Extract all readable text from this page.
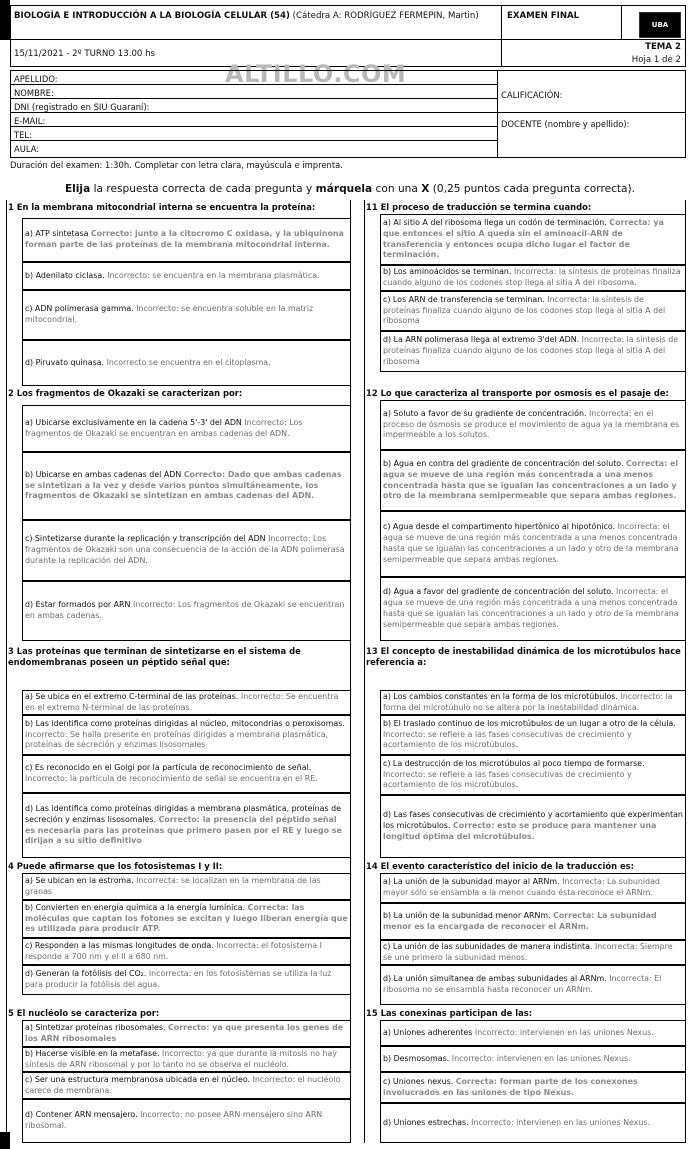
BIOLOGÍA E INTRODUCCIÓN A LA BIOLOGÍA CELULAR (54) (Cátedra A: RODRÍGUEZ FERMEPIN, Martin)	EXAMEN FINAL
15/11/2021 - 2º TURNO 13.00 hs
TEMA 2
Hoja 1 de 2
UBA
ALTILLO.COM
APELLIDO:
NOMBRE:
DNI (registrado en SIU Guaraní):
E-MAIL:
TEL:
AULA:
CALIFICACIÓN:
DOCENTE (nombre y apellido):
Duración del examen: 1:30h. Completar con letra clara, mayúscula e imprenta.
Elija la respuesta correcta de cada pregunta y márquela con una X (0,25 puntos cada pregunta correcta).
1 En la membrana mitocondrial interna se encuentra la proteína:
a) ATP sintetasa Correcto: junto a la citocromo C oxidasa, y la ubiquinona forman parte de las proteínas de la membrana mitocondrial interna.
b) Adenilato ciclasa. Incorrecto: se encuentra en la membrana plasmática.
c) ADN polimerasa gamma. Incorrecto: se encuentra soluble en la matriz mitocondrial.
d) Piruvato quinasa. Incorrecto se encuentra en el citoplasma.
2 Los fragmentos de Okazaki se caracterizan por:
a) Ubicarse exclusivamente en la cadena 5'-3' del ADN Incorrecto: Los fragmentos de Okazaki se encuentran en ambas cadenas del ADN.
b) Ubicarse en ambas cadenas del ADN Correcto: Dado que ambas cadenas se sintetizan a la vez y desde varios puntos simultáneamente, los fragmentos de Okazaki se sintetizan en ambas cadenas del ADN.
c) Sintetizarse durante la replicación y transcripción del ADN Incorrecto: Los fragmentos de Okazaki son una consecuencia de la acción de la ADN polimerasa durante la replicación del ADN.
d) Estar formados por ARN Incorrecto: Los fragmentos de Okazaki se encuentran en ambas cadenas.
3 Las proteínas que terminan de sintetizarse en el sistema de endomembranas poseen un péptido señal que:
a) Se ubica en el extremo C-terminal de las proteínas. Incorrecto: Se encuentra en el extremo N-terminal de las proteínas.
b) Las identifica como proteínas dirigidas al núcleo, mitocondrias o peroxisomas. Incorrecto: Se halla presente en proteínas dirigidas a membrana plasmática, proteínas de secreción y enzimas lisosomales
c) Es reconocido en el Golgi por la partícula de reconocimiento de señal. Incorrecto: la partícula de reconocimiento de señal se encuentra en el RE.
d) Las identifica como proteínas dirigidas a membrana plasmática, proteínas de secreción y enzimas lisosomales. Correcto: la presencia del péptido señal es necesaria para las proteínas que primero pasen por el RE y luego se dirijan a su sitio definitivo
4 Puede afirmarse que los fotosistemas I y II:
a) Se ubican en la estroma. Incorrecta: se localizan en la membrana de las granas
b) Convierten en energía química a la energía lumínica. Correcta: las moléculas que captan los fotones se excitan y luego liberan energía que es utilizada para producir ATP.
c) Responden a las mismas longitudes de onda. Incorrecta: el fotosistema I responde a 700 nm y el II a 680 nm.
d) Generan la fotólisis del CO₂. Incorrecta: en los fotosistemas se utiliza la luz para producir la fotólisis del agua.
5 El nucléolo se caracteriza por:
a) Sintetizar proteínas ribosomales. Correcto: ya que presenta los genes de los ARN ribosomales
b) Hacerse visible en la metafase. Incorrecto: ya que durante la mitosis no hay síntesis de ARN ribosomal y por lo tanto no se observa el nucléolo.
c) Ser una estructura membranosa ubicada en el núcleo. Incorrecto: el nucléolo carece de membrana.
d) Contener ARN mensajero. Incorrecto: no posee ARN mensajero sino ARN ribosomal.
11 El proceso de traducción se termina cuando:
a) Al sitio A del ribosoma llega un codón de terminación. Correcta: ya que entonces el sitio A queda sin el aminoacil-ARN de transferencia y entonces ocupa dicho lugar el factor de terminación.
b) Los aminoácidos se terminan. Incorrecta: la síntesis de proteínas finaliza cuando alguno de los codones stop llega al sitia A del ribosoma.
c) Los ARN de transferencia se terminan. Incorrecta: la síntesis de proteínas finaliza cuando alguno de los codones stop llega al sitia A del ribosoma
d) La ARN polimerasa llega al extremo 3'del ADN. Incorrecta: la síntesis de proteínas finaliza cuando alguno de los codones stop llega al sitia A del ribosoma
12 Lo que caracteriza al transporte por osmosis es el pasaje de:
a) Soluto a favor de su gradiente de concentración. Incorrecta: en el proceso de ósmosis se produce el movimiento de agua ya la membrana es impermeable a los solutos.
b) Agua en contra del gradiente de concentración del soluto. Correcta: el agua se mueve de una región más concentrada a una menos concentrada hasta que se igualan las concentraciones a un lado y otro de la membrana semipermeable que separa ambas regiones.
c) Agua desde el compartimento hipertónico al hipotónico. Incorrecta: el agua se mueve de una región más concentrada a una menos concentrada hasta que se igualan las concentraciones a un lado y otro de la membrana semipermeable que separa ambas regiones.
d) Agua a favor del gradiente de concentración del soluto. Incorrecta: el agua se mueve de una región más concentrada a una menos concentrada hasta que se igualan las concentraciones a un lado y otro de la membrana semipermeable que separa ambas regiones.
13 El concepto de inestabilidad dinámica de los microtúbulos hace referencia a:
a) Los cambios constantes en la forma de los microtúbulos. Incorrecto: la forma del microtúbulo no se altera por la inestabilidad dinámica.
b) El traslado continuo de los microtúbulos de un lugar a otro de la célula. Incorrecto: se refiere a las fases consecutivas de crecimiento y acortamiento de los microtúbulos.
c) La destrucción de los microtúbulos al poco tiempo de formarse. Incorrecto: se refiere a las fases consecutivas de crecimiento y acortamiento de los microtúbulos.
d) Las fases consecutivas de crecimiento y acortamiento que experimentan los microtúbulos. Correcto: esto se produce para mantener una longitud óptima del microtúbulos.
14 El evento característico del inicio de la traducción es:
a) La unión de la subunidad mayor al ARNm. Incorrecta: La subunidad mayor sólo se ensambla a la menor cuando ésta reconoce el ARNm.
b) La unión de la subunidad menor ARNm. Correcta: La subunidad menor es la encargada de reconocer el ARNm.
c) La unión de las subunidades de manera indistinta. Incorrecta: Siempre se une primero la subunidad menos.
d) La unión simultanea de ambas subunidades al ARNm. Incorrecta: El ribosoma no se ensambla hasta reconocer un ARNm.
15 Las conexinas participan de las:
a) Uniones adherentes Incorrecto: intervienen en las uniones Nexus.
b) Desmosomas. Incorrecto: intervienen en las uniones Nexus.
c) Uniones nexus. Correcta: forman parte de los conexones involucrados en las uniones de tipo Nexus.
d) Uniones estrechas. Incorrecto: intervienen en las uniones Nexus.
